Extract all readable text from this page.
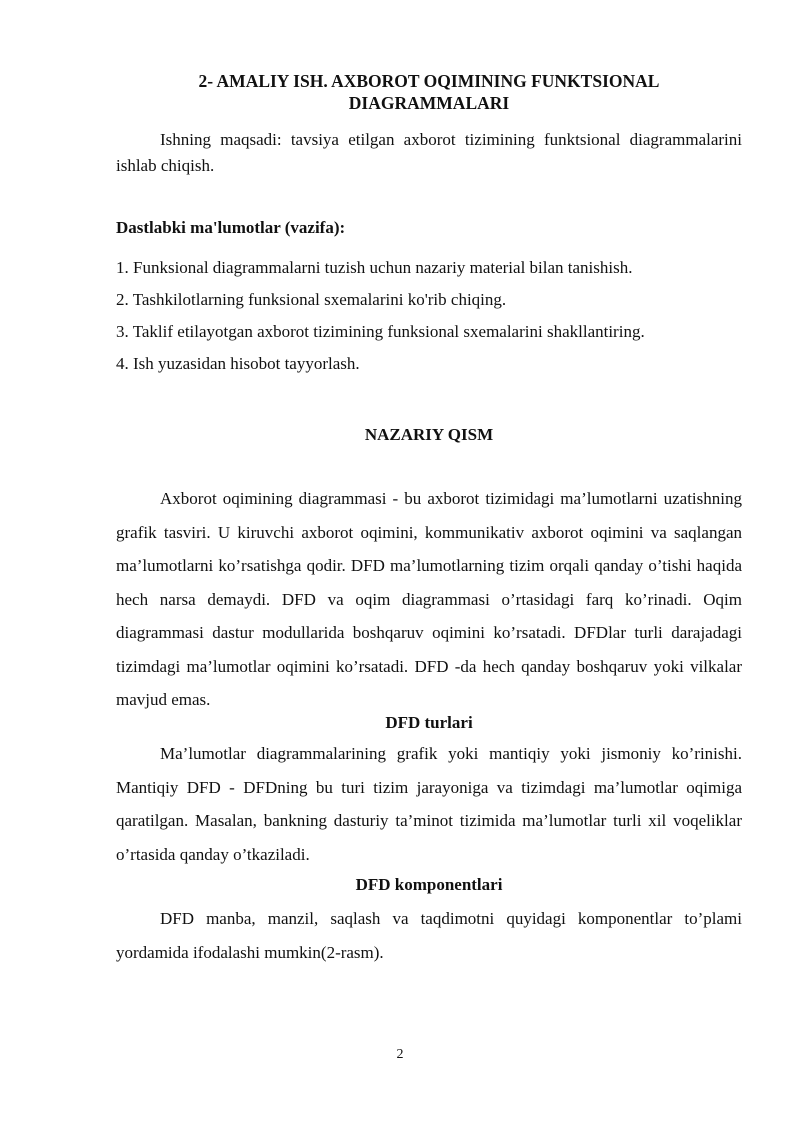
2- AMALIY ISH. AXBOROT OQIMINING FUNKTSIONAL
DIAGRAMMALARI
Ishning maqsadi: tavsiya etilgan axborot tizimining funktsional diagrammalarini ishlab chiqish.
Dastlabki ma'lumotlar (vazifa):
1. Funksional diagrammalarni tuzish uchun nazariy material bilan tanishish.
2. Tashkilotlarning funksional sxemalarini ko'rib chiqing.
3. Taklif etilayotgan axborot tizimining funksional sxemalarini shakllantiring.
4. Ish yuzasidan hisobot tayyorlash.
NAZARIY QISM
Axborot oqimining diagrammasi - bu axborot tizimidagi ma’lumotlarni uzatishning grafik tasviri. U kiruvchi axborot oqimini, kommunikativ axborot oqimini va saqlangan ma’lumotlarni ko’rsatishga qodir. DFD ma’lumotlarning tizim orqali qanday o’tishi haqida hech narsa demaydi. DFD va oqim diagrammasi o’rtasidagi farq ko’rinadi. Oqim diagrammasi dastur modullarida boshqaruv oqimini ko’rsatadi. DFDlar turli darajadagi tizimdagi ma’lumotlar oqimini ko’rsatadi. DFD -da hech qanday boshqaruv yoki vilkalar mavjud emas.
DFD turlari
Ma’lumotlar diagrammalarining grafik yoki mantiqiy yoki jismoniy ko’rinishi. Mantiqiy DFD - DFDning bu turi tizim jarayoniga va tizimdagi ma’lumotlar oqimiga qaratilgan. Masalan, bankning dasturiy ta’minot tizimida ma’lumotlar turli xil voqeliklar o’rtasida qanday o’tkaziladi.
DFD komponentlari
DFD manba, manzil, saqlash va taqdimotni quyidagi komponentlar to’plami yordamida ifodalashi mumkin(2-rasm).
2
